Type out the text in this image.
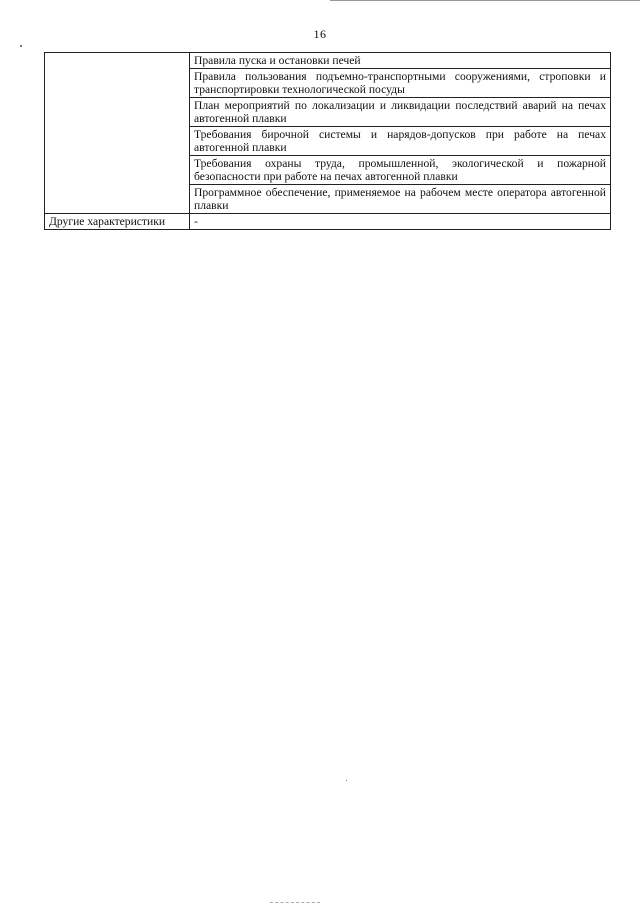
16
	Правила пуска и остановки печей
	Правила пользования подъемно-транспортными сооружениями, строповки и транспортировки технологической посуды
	План мероприятий по локализации и ликвидации последствий аварий на печах автогенной плавки
	Требования бирочной системы и нарядов-допусков при работе на печах автогенной плавки
	Требования охраны труда, промышленной, экологической и пожарной безопасности при работе на печах автогенной плавки
	Программное обеспечение, применяемое на рабочем месте оператора автогенной плавки
Другие характеристики	-
